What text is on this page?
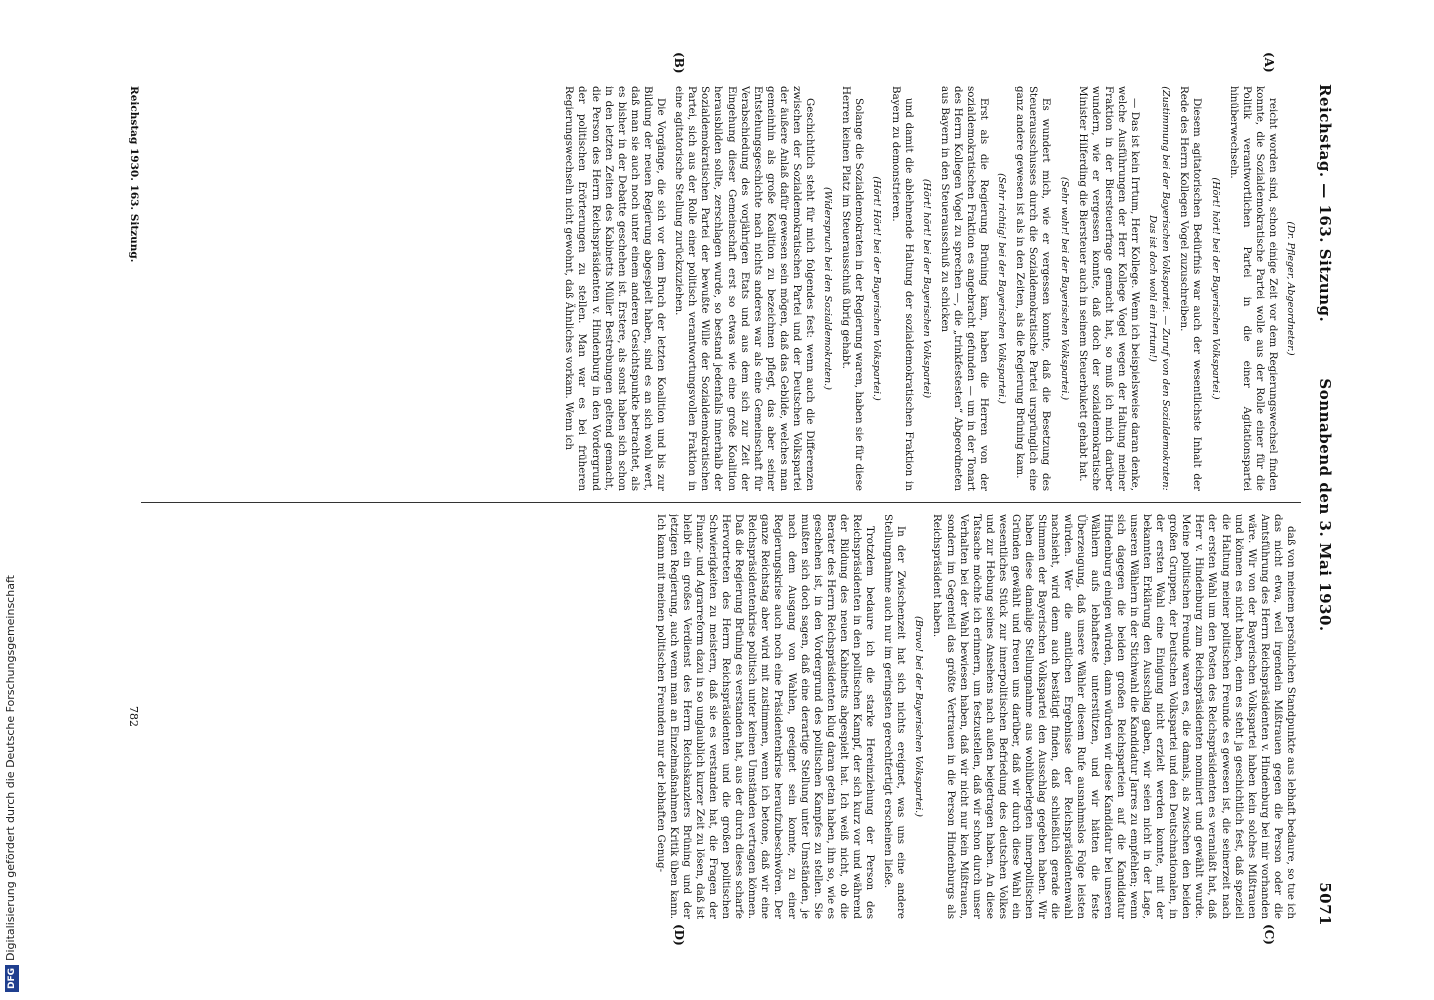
DFGDigitalisierung gefördert durch die Deutsche Forschungsgemeinschaft
Reichstag. — 163. Sitzung.
Sonnabend den 3. Mai 1930.
5071
(A)
(B)
(C)
(D)

(Dr. Pfleger, Abgeordneter.)

reicht worden sind, schon einige Zeit vor dem Regierungswechsel finden konnte, die Sozialdemokratische Partei wolle aus der Rolle einer für die Politik verantwortlichen Partei in die einer Agitationspartei hinüberwechseln.

(Hört! hört! bei der Bayerischen Volkspartei.)

Diesem agitatorischen Bedürfnis war auch der wesentlichste Inhalt der Rede des Herrn Kollegen Vogel zuzuschreiben.

(Zustimmung bei der Bayerischen Volkspartei. — Zuruf von den Sozialdemokraten: Das ist doch wohl ein Irrtum!)

— Das ist kein Irrtum, Herr Kollege. Wenn ich beispielsweise daran denke, welche Ausführungen der Herr Kollege Vogel wegen der Haltung meiner Fraktion in der Biersteuerfrage gemacht hat, so muß ich mich darüber wundern, wie er vergessen konnte, daß doch der sozialdemokratische Minister Hilferding die Biersteuer auch in seinem Steuerbukett gehabt hat.

(Sehr wahr! bei der Bayerischen Volkspartei.)

Es wundert mich, wie er vergessen konnte, daß die Besetzung des Steuerausschusses durch die Sozialdemokratische Partei ursprünglich eine ganz andere gewesen ist als in den Zeiten, als die Regierung Brüning kam.

(Sehr richtig! bei der Bayerischen Volkspartei.)

Erst als die Regierung Brüning kam, haben die Herren von der sozialdemokratischen Fraktion es angebracht gefunden — um in der Tonart des Herrn Kollegen Vogel zu sprechen —, die „trinkfestesten“ Abgeordneten aus Bayern in den Steuerausschuß zu schicken

(Hört! hört! bei der Bayerischen Volkspartei)

und damit die ablehnende Haltung der sozialdemokratischen Fraktion in Bayern zu demonstrieren.

(Hört! Hört! bei der Bayerischen Volkspartei.)

Solange die Sozialdemokraten in der Regierung waren, haben sie für diese Herren keinen Platz im Steuerausschuß übrig gehabt.

(Widerspruch bei den Sozialdemokraten.)

Geschichtlich steht für mich folgendes fest: wenn auch die Differenzen zwischen der Sozialdemokratischen Partei und der Deutschen Volkspartei der äußere Anlaß dafür gewesen sein mögen, daß das Gebilde, welches man gemeinhin als große Koalition zu bezeichnen pflegt, das aber seiner Entstehungsgeschichte nach nichts anderes war als eine Gemeinschaft für Verabschiedung des vorjährigen Etats und aus dem sich zur Zeit der Eingehung dieser Gemeinschaft erst so etwas wie eine große Koalition herausbilden sollte, zerschlagen wurde, so bestand jedenfalls innerhalb der Sozialdemokratischen Partei der bewußte Wille der Sozialdemokratischen Partei, sich aus der Rolle einer politisch verantwortungsvollen Fraktion in eine agitatorische Stellung zurückzuziehen.

Die Vorgänge, die sich vor dem Bruch der letzten Koalition und bis zur Bildung der neuen Regierung abgespielt haben, sind es an sich wohl wert, daß man sie auch noch unter einem anderen Gesichtspunkte betrachtet, als es bisher in der Debatte geschehen ist. Erstere, als sonst haben sich schon in den letzten Zeiten des Kabinetts Müller Bestrebungen geltend gemacht, die Person des Herrn Reichspräsidenten v. Hindenburg in den Vordergrund der politischen Erörterungen zu stellen. Man war es bei früheren Regierungswechseln nicht gewohnt, daß Ähnliches vorkam. Wenn ich

daß von meinem persönlichen Standpunkte aus lebhaft bedaure, so tue ich das nicht etwa, weil irgendein Mißtrauen gegen die Person oder die Amtsführung des Herrn Reichspräsidenten v. Hindenburg bei mir vorhanden wäre. Wir von der Bayerischen Volkspartei haben kein solches Mißtrauen und können es nicht haben, denn es steht ja geschichtlich fest, daß speziell die Haltung meiner politischen Freunde es gewesen ist, die seinerzeit nach der ersten Wahl um den Posten des Reichspräsidenten es veranlaßt hat, daß Herr v. Hindenburg zum Reichspräsidenten nominiert und gewählt wurde. Meine politischen Freunde waren es, die damals, als zwischen den beiden großen Gruppen, der Deutschen Volkspartei und den Deutschnationalen, in der ersten Wahl eine Einigung nicht erzielt werden konnte, mit der bekannten Erklärung den Ausschlag gaben, wir seien nicht in der Lage, unseren Wählern in der Stichwahl die Kandidatur Jarres zu empfehlen; wenn sich dagegen die beiden großen Reichsparteien auf die Kandidatur Hindenburg einigen würden, dann würden wir diese Kandidatur bei unseren Wählern aufs lebhafteste unterstützen, und wir hätten die feste Überzeugung, daß unsere Wähler diesem Rufe ausnahmslos Folge leisten würden. Wer die amtlichen Ergebnisse der Reichspräsidentenwahl nachsieht, wird denn auch bestätigt finden, daß schließlich gerade die Stimmen der Bayerischen Volkspartei den Ausschlag gegeben haben. Wir haben diese damalige Stellungnahme aus wohlüberlegten innerpolitischen Gründen gewählt und freuen uns darüber, daß wir durch diese Wahl ein wesentliches Stück zur innerpolitischen Befriedung des deutschen Volkes und zur Hebung seines Ansehens nach außen beigetragen haben. An diese Tatsache möchte ich erinnern, um festzustellen, daß wir schon durch unser Verhalten bei der Wahl bewiesen haben, daß wir nicht nur kein Mißtrauen, sondern im Gegenteil das größte Vertrauen in die Person Hindenburgs als Reichspräsident haben.

(Bravo! bei der Bayerischen Volkspartei.)

In der Zwischenzeit hat sich nichts ereignet, was uns eine andere Stellungnahme auch nur im geringsten gerechtfertigt erscheinen ließe.

Trotzdem bedaure ich die starke Hereinziehung der Person des Reichspräsidenten in den politischen Kampf, der sich kurz vor und während der Bildung des neuen Kabinetts abgespielt hat. Ich weiß nicht, ob die Berater des Herrn Reichspräsidenten klug daran getan haben, ihn so, wie es geschehen ist, in den Vordergrund des politischen Kampfes zu stellen. Sie mußten sich doch sagen, daß eine derartige Stellung unter Umständen, je nach dem Ausgang von Wahlen, geeignet sein konnte, zu einer Regierungskrise auch noch eine Präsidentenkrise heraufzubeschwören. Der ganze Reichstag aber wird mit zustimmen, wenn ich betone, daß wir eine Reichspräsidentenkrise politisch unter keinen Umständen vertragen können. Daß die Regierung Brüning es verstanden hat, aus der durch dieses scharfe Hervortreten des Herrn Reichspräsidenten und die großen politischen Schwierigkeiten zu meistern, daß sie es verstanden hat, die Fragen der Finanz- und Agrarreform dazu in so unglaublich kurzer Zeit zu lösen, daß ist bleibt ein großes Verdienst des Herrn Reichskanzlers Brüning und der jetzigen Regierung, auch wenn man an Einzelmaßnahmen Kritik üben kann. Ich kann mit meinen politischen Freunden nur der lebhaften Genug-

Reichstag 1930. 163. Sitzung.
782
